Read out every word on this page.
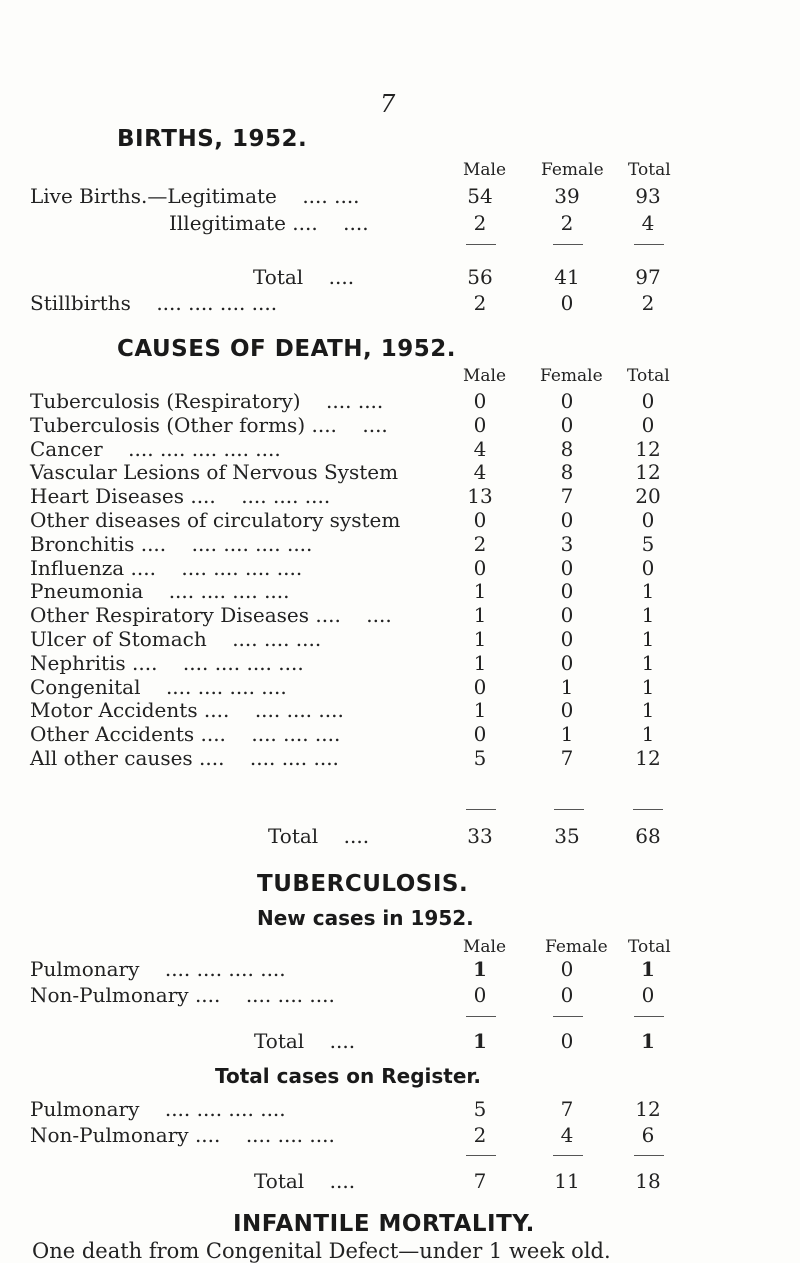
7
BIRTHS, 1952.
Male Female Total
Live Births.—Legitimate .... ....	54	39	93
Illegitimate .... ....	2	2	4
Total ....	56	41	97
Stillbirths .... .... .... ....	2	0	2
CAUSES OF DEATH, 1952.
Male Female Total
Tuberculosis (Respiratory) .... ....	0	0	0
Tuberculosis (Other forms) .... ....	0	0	0
Cancer .... .... .... .... ....	4	8	12
Vascular Lesions of Nervous System	4	8	12
Heart Diseases .... .... .... ....	13	7	20
Other diseases of circulatory system	0	0	0
Bronchitis .... .... .... .... ....	2	3	5
Influenza .... .... .... .... ....	0	0	0
Pneumonia .... .... .... ....	1	0	1
Other Respiratory Diseases .... ....	1	0	1
Ulcer of Stomach .... .... ....	1	0	1
Nephritis .... .... .... .... ....	1	0	1
Congenital .... .... .... ....	0	1	1
Motor Accidents .... .... .... ....	1	0	1
Other Accidents .... .... .... ....	0	1	1
All other causes .... .... .... ....	5	7	12
Total ....	33	35	68
TUBERCULOSIS.
New cases in 1952.
Male Female Total
Pulmonary .... .... .... ....	1	0	1
Non-Pulmonary .... .... .... ....	0	0	0
Total ....	1	0	1
Total cases on Register.
Pulmonary .... .... .... ....	5	7	12
Non-Pulmonary .... .... .... ....	2	4	6
Total ....	7	11	18
INFANTILE MORTALITY.
One death from Congenital Defect—under 1 week old.
